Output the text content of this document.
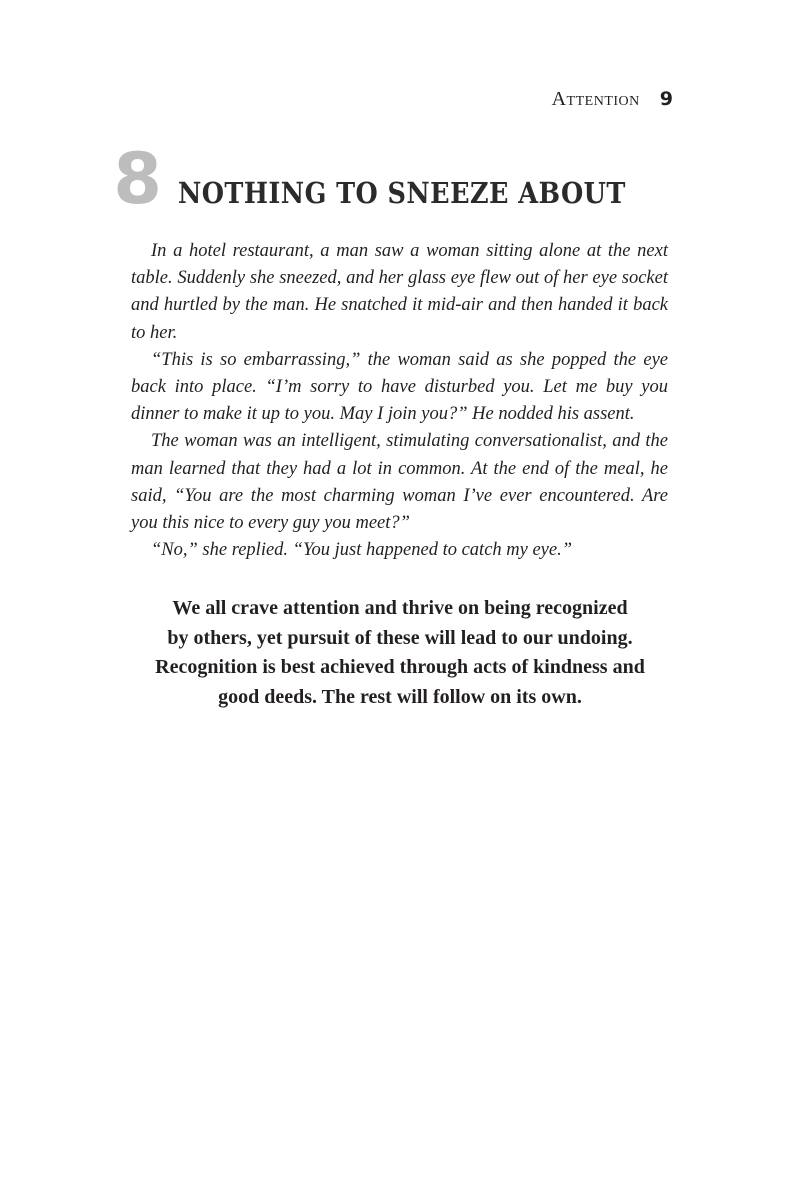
Attention 9
8 NOTHING TO SNEEZE ABOUT

In a hotel restaurant, a man saw a woman sitting alone at the next table. Suddenly she sneezed, and her glass eye flew out of her eye socket and hurtled by the man. He snatched it mid-air and then handed it back to her.

“This is so embarrassing,” the woman said as she popped the eye back into place. “I’m sorry to have disturbed you. Let me buy you dinner to make it up to you. May I join you?” He nodded his assent.

The woman was an intelligent, stimulating conversationalist, and the man learned that they had a lot in common. At the end of the meal, he said, “You are the most charming woman I’ve ever encountered. Are you this nice to every guy you meet?”

“No,” she replied. “You just happened to catch my eye.”

We all crave attention and thrive on being recognized
by others, yet pursuit of these will lead to our undoing.
Recognition is best achieved through acts of kindness and
good deeds. The rest will follow on its own.
